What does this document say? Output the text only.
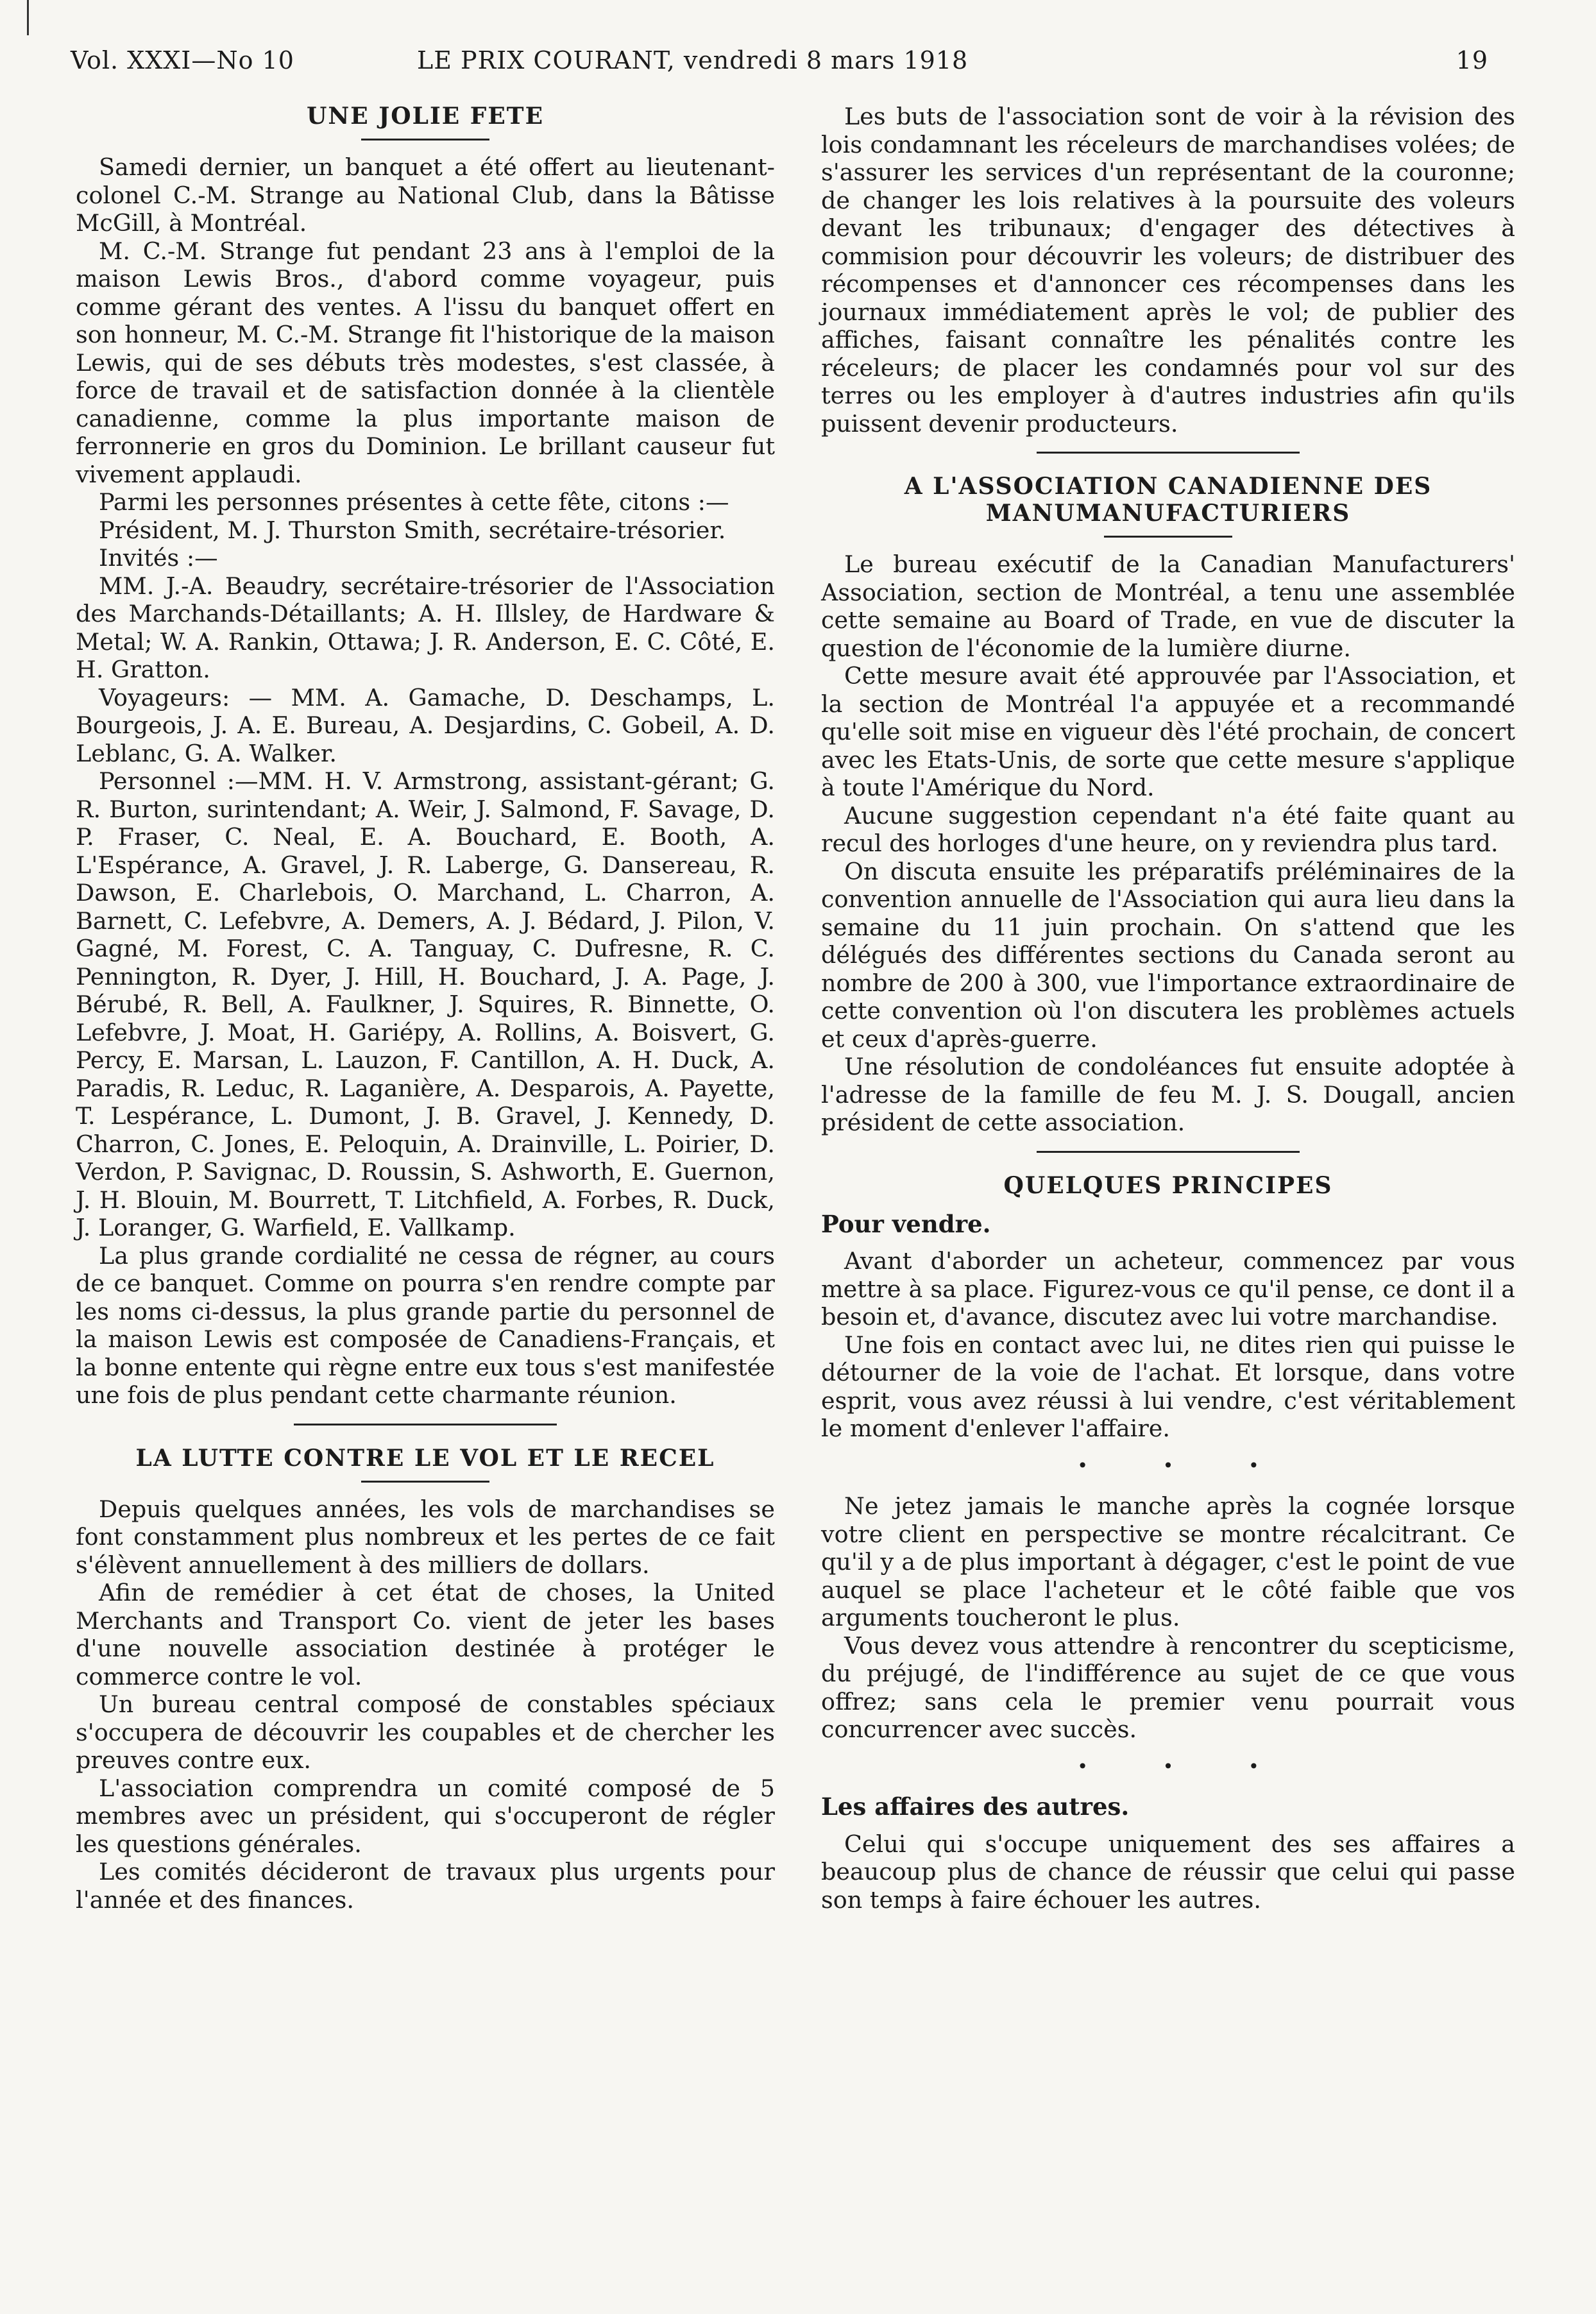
Vol. XXXI—No 10	LE PRIX COURANT, vendredi 8 mars 1918	19
UNE JOLIE FETE

Samedi dernier, un banquet a été offert au lieutenant-colonel C.-M. Strange au National Club, dans la Bâtisse McGill, à Montréal.

M. C.-M. Strange fut pendant 23 ans à l'emploi de la maison Lewis Bros., d'abord comme voyageur, puis comme gérant des ventes. A l'issu du banquet offert en son honneur, M. C.-M. Strange fit l'historique de la maison Lewis, qui de ses débuts très modestes, s'est classée, à force de travail et de satisfaction donnée à la clientèle canadienne, comme la plus importante maison de ferronnerie en gros du Dominion. Le brillant causeur fut vivement applaudi.

Parmi les personnes présentes à cette fête, citons :—

Président, M. J. Thurston Smith, secrétaire-trésorier.

Invités :—

MM. J.-A. Beaudry, secrétaire-trésorier de l'Association des Marchands-Détaillants; A. H. Illsley, de Hardware & Metal; W. A. Rankin, Ottawa; J. R. Anderson, E. C. Côté, E. H. Gratton.

Voyageurs: — MM. A. Gamache, D. Deschamps, L. Bourgeois, J. A. E. Bureau, A. Desjardins, C. Gobeil, A. D. Leblanc, G. A. Walker.

Personnel :—MM. H. V. Armstrong, assistant-gérant; G. R. Burton, surintendant; A. Weir, J. Salmond, F. Savage, D. P. Fraser, C. Neal, E. A. Bouchard, E. Booth, A. L'Espérance, A. Gravel, J. R. Laberge, G. Dansereau, R. Dawson, E. Charlebois, O. Marchand, L. Charron, A. Barnett, C. Lefebvre, A. Demers, A. J. Bédard, J. Pilon, V. Gagné, M. Forest, C. A. Tanguay, C. Dufresne, R. C. Pennington, R. Dyer, J. Hill, H. Bouchard, J. A. Page, J. Bérubé, R. Bell, A. Faulkner, J. Squires, R. Binnette, O. Lefebvre, J. Moat, H. Gariépy, A. Rollins, A. Boisvert, G. Percy, E. Marsan, L. Lauzon, F. Cantillon, A. H. Duck, A. Paradis, R. Leduc, R. Laganière, A. Desparois, A. Payette, T. Lespérance, L. Dumont, J. B. Gravel, J. Kennedy, D. Charron, C. Jones, E. Peloquin, A. Drainville, L. Poirier, D. Verdon, P. Savignac, D. Roussin, S. Ashworth, E. Guernon, J. H. Blouin, M. Bourrett, T. Litchfield, A. Forbes, R. Duck, J. Loranger, G. Warfield, E. Vallkamp.

La plus grande cordialité ne cessa de régner, au cours de ce banquet. Comme on pourra s'en rendre compte par les noms ci-dessus, la plus grande partie du personnel de la maison Lewis est composée de Canadiens-Français, et la bonne entente qui règne entre eux tous s'est manifestée une fois de plus pendant cette charmante réunion.

LA LUTTE CONTRE LE VOL ET LE RECEL

Depuis quelques années, les vols de marchandises se font constamment plus nombreux et les pertes de ce fait s'élèvent annuellement à des milliers de dollars.

Afin de remédier à cet état de choses, la United Merchants and Transport Co. vient de jeter les bases d'une nouvelle association destinée à protéger le commerce contre le vol.

Un bureau central composé de constables spéciaux s'occupera de découvrir les coupables et de chercher les preuves contre eux.

L'association comprendra un comité composé de 5 membres avec un président, qui s'occuperont de régler les questions générales.

Les comités décideront de travaux plus urgents pour l'année et des finances.

Les buts de l'association sont de voir à la révision des lois condamnant les réceleurs de marchandises volées; de s'assurer les services d'un représentant de la couronne; de changer les lois relatives à la poursuite des voleurs devant les tribunaux; d'engager des détectives à commision pour découvrir les voleurs; de distribuer des récompenses et d'annoncer ces récompenses dans les journaux immédiatement après le vol; de publier des affiches, faisant connaître les pénalités contre les réceleurs; de placer les condamnés pour vol sur des terres ou les employer à d'autres industries afin qu'ils puissent devenir producteurs.

A L'ASSOCIATION CANADIENNE DES MANUMANUFACTURIERS

Le bureau exécutif de la Canadian Manufacturers' Association, section de Montréal, a tenu une assemblée cette semaine au Board of Trade, en vue de discuter la question de l'économie de la lumière diurne.

Cette mesure avait été approuvée par l'Association, et la section de Montréal l'a appuyée et a recommandé qu'elle soit mise en vigueur dès l'été prochain, de concert avec les Etats-Unis, de sorte que cette mesure s'applique à toute l'Amérique du Nord.

Aucune suggestion cependant n'a été faite quant au recul des horloges d'une heure, on y reviendra plus tard.

On discuta ensuite les préparatifs préléminaires de la convention annuelle de l'Association qui aura lieu dans la semaine du 11 juin prochain. On s'attend que les délégués des différentes sections du Canada seront au nombre de 200 à 300, vue l'importance extraordinaire de cette convention où l'on discutera les problèmes actuels et ceux d'après-guerre.

Une résolution de condoléances fut ensuite adoptée à l'adresse de la famille de feu M. J. S. Dougall, ancien président de cette association.

QUELQUES PRINCIPES
Pour vendre.

Avant d'aborder un acheteur, commencez par vous mettre à sa place. Figurez-vous ce qu'il pense, ce dont il a besoin et, d'avance, discutez avec lui votre marchandise.

Une fois en contact avec lui, ne dites rien qui puisse le détourner de la voie de l'achat. Et lorsque, dans votre esprit, vous avez réussi à lui vendre, c'est véritablement le moment d'enlever l'affaire.

• • •

Ne jetez jamais le manche après la cognée lorsque votre client en perspective se montre récalcitrant. Ce qu'il y a de plus important à dégager, c'est le point de vue auquel se place l'acheteur et le côté faible que vos arguments toucheront le plus.

Vous devez vous attendre à rencontrer du scepticisme, du préjugé, de l'indifférence au sujet de ce que vous offrez; sans cela le premier venu pourrait vous concurrencer avec succès.

• • •
Les affaires des autres.

Celui qui s'occupe uniquement des ses affaires a beaucoup plus de chance de réussir que celui qui passe son temps à faire échouer les autres.
